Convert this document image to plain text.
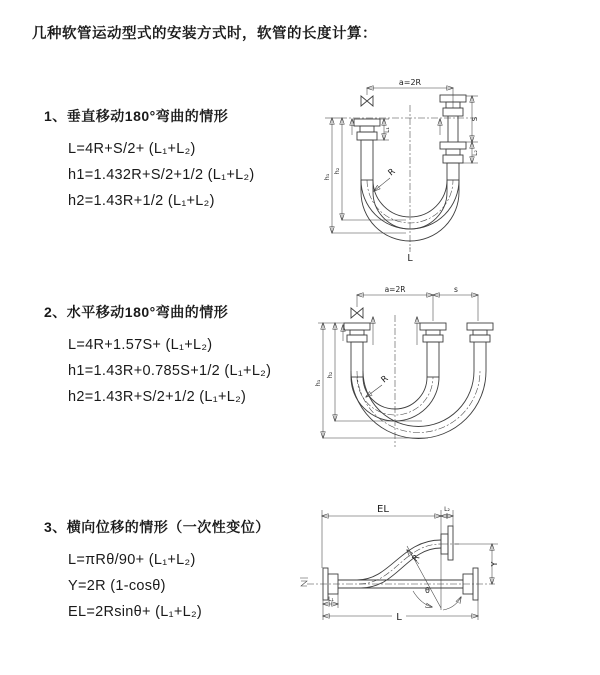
几种软管运动型式的安装方式时，软管的长度计算：
1、垂直移动180°弯曲的情形
L=4R+S/2+ (L₁+L₂)
h1=1.432R+S/2+1/2 (L₁+L₂)
h2=1.43R+1/2 (L₁+L₂)
2、水平移动180°弯曲的情形
L=4R+1.57S+ (L₁+L₂)
h1=1.43R+0.785S+1/2 (L₁+L₂)
h2=1.43R+S/2+1/2 (L₁+L₂)
3、横向位移的情形（一次性变位）
L=πRθ/90+ (L₁+L₂)
Y=2R (1-cosθ)
EL=2Rsinθ+ (L₁+L₂)
a=2R
R
h₁
h₂
L₁
S
L₂
L
a=2R	s
R
h₁
h₂
EL	L₂
Y
θ
R
L₁
L
